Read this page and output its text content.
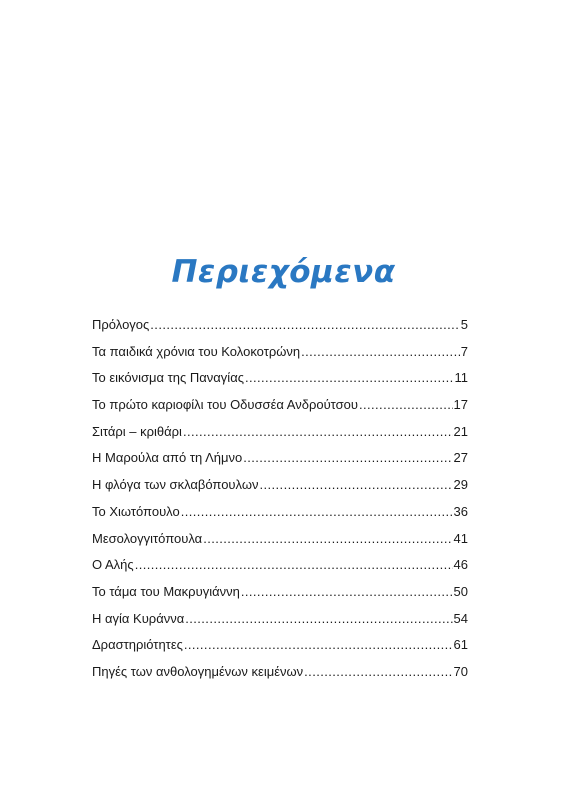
Περιεχόμενα
Πρόλογος .....	5
Τα παιδικά χρόνια του Κολοκοτρώνη .....	7
Το εικόνισμα της Παναγίας .....	11
Το πρώτο καριοφίλι του Οδυσσέα Ανδρούτσου .....	17
Σιτάρι – κριθάρι .....	21
Η Μαρούλα από τη Λήμνο .....	27
Η φλόγα των σκλαβόπουλων .....	29
Το Χιωτόπουλο .....	36
Μεσολογγιτόπουλα .....	41
Ο Αλής .....	46
Το τάμα του Μακρυγιάννη .....	50
Η αγία Κυράννα .....	54
Δραστηριότητες .....	61
Πηγές των ανθολογημένων κειμένων .....	70
